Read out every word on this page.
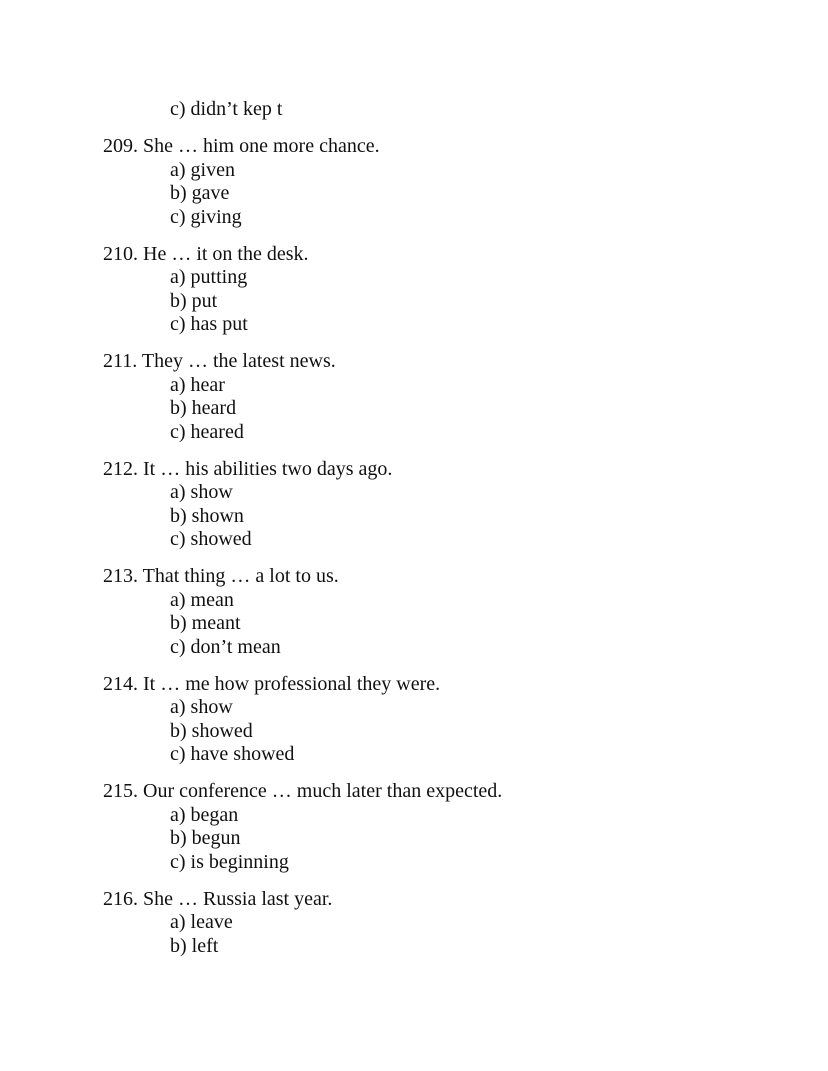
c) didn’t kep t
209. She … him one more chance.
a) given
b) gave
c) giving
210. He … it on the desk.
a) putting
b) put
c) has put
211. They … the latest news.
a) hear
b) heard
c) heared
212. It … his abilities two days ago.
a) show
b) shown
c) showed
213. That thing … a lot to us.
a) mean
b) meant
c) don’t mean
214. It … me how professional they were.
a) show
b) showed
c) have showed
215. Our conference … much later than expected.
a) began
b) begun
c) is beginning
216. She … Russia last year.
a) leave
b) left
